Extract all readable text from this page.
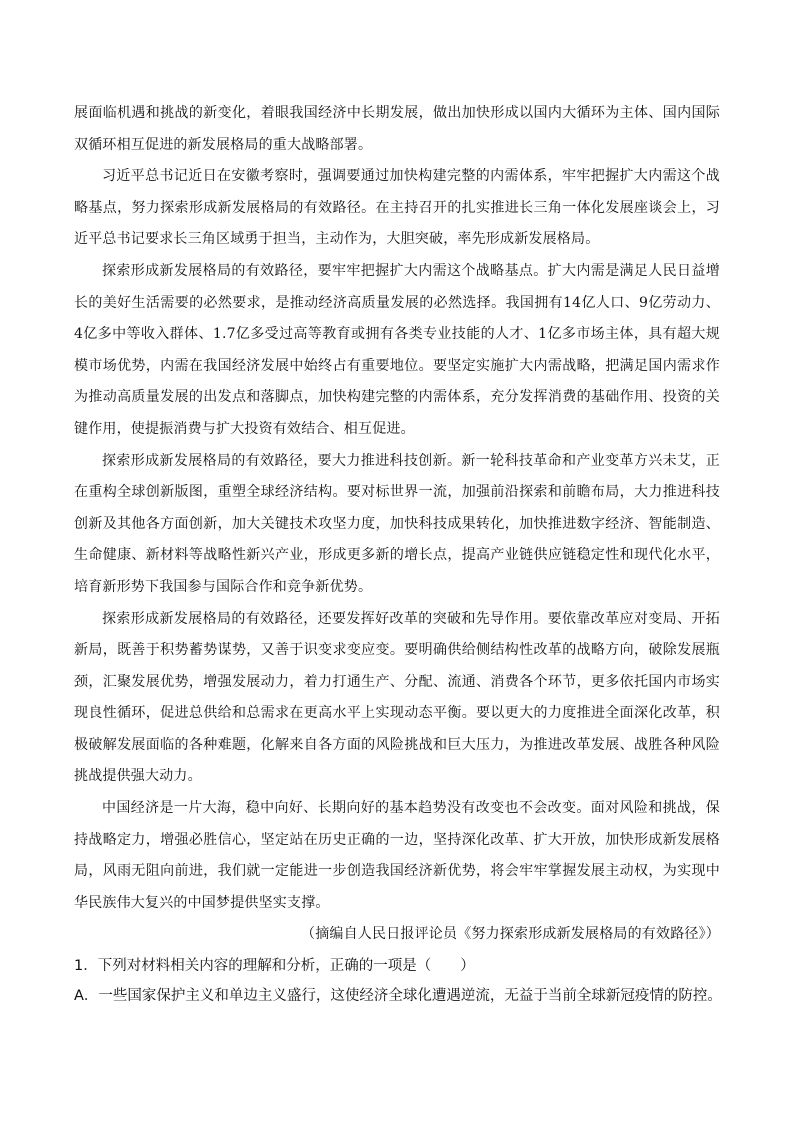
展面临机遇和挑战的新变化，着眼我国经济中长期发展，做出加快形成以国内大循环为主体、国内国际双循环相互促进的新发展格局的重大战略部署。

习近平总书记近日在安徽考察时，强调要通过加快构建完整的内需体系，牢牢把握扩大内需这个战略基点，努力探索形成新发展格局的有效路径。在主持召开的扎实推进长三角一体化发展座谈会上，习近平总书记要求长三角区域勇于担当，主动作为，大胆突破，率先形成新发展格局。

探索形成新发展格局的有效路径，要牢牢把握扩大内需这个战略基点。扩大内需是满足人民日益增长的美好生活需要的必然要求，是推动经济高质量发展的必然选择。我国拥有14亿人口、9亿劳动力、4亿多中等收入群体、1.7亿多受过高等教育或拥有各类专业技能的人才、1亿多市场主体，具有超大规模市场优势，内需在我国经济发展中始终占有重要地位。要坚定实施扩大内需战略，把满足国内需求作为推动高质量发展的出发点和落脚点，加快构建完整的内需体系，充分发挥消费的基础作用、投资的关键作用，使提振消费与扩大投资有效结合、相互促进。

探索形成新发展格局的有效路径，要大力推进科技创新。新一轮科技革命和产业变革方兴未艾，正在重构全球创新版图，重塑全球经济结构。要对标世界一流，加强前沿探索和前瞻布局，大力推进科技创新及其他各方面创新，加大关键技术攻坚力度，加快科技成果转化，加快推进数字经济、智能制造、生命健康、新材料等战略性新兴产业，形成更多新的增长点，提高产业链供应链稳定性和现代化水平，培育新形势下我国参与国际合作和竞争新优势。

探索形成新发展格局的有效路径，还要发挥好改革的突破和先导作用。要依靠改革应对变局、开拓新局，既善于积势蓄势谋势，又善于识变求变应变。要明确供给侧结构性改革的战略方向，破除发展瓶颈，汇聚发展优势，增强发展动力，着力打通生产、分配、流通、消费各个环节，更多依托国内市场实现良性循环，促进总供给和总需求在更高水平上实现动态平衡。要以更大的力度推进全面深化改革，积极破解发展面临的各种难题，化解来自各方面的风险挑战和巨大压力，为推进改革发展、战胜各种风险挑战提供强大动力。

中国经济是一片大海，稳中向好、长期向好的基本趋势没有改变也不会改变。面对风险和挑战，保持战略定力，增强必胜信心，坚定站在历史正确的一边，坚持深化改革、扩大开放，加快形成新发展格局，风雨无阻向前进，我们就一定能进一步创造我国经济新优势，将会牢牢掌握发展主动权，为实现中华民族伟大复兴的中国梦提供坚实支撑。

（摘编自人民日报评论员《努力探索形成新发展格局的有效路径》）

1．下列对材料相关内容的理解和分析，正确的一项是（　　）

A．一些国家保护主义和单边主义盛行，这使经济全球化遭遇逆流，无益于当前全球新冠疫情的防控。
